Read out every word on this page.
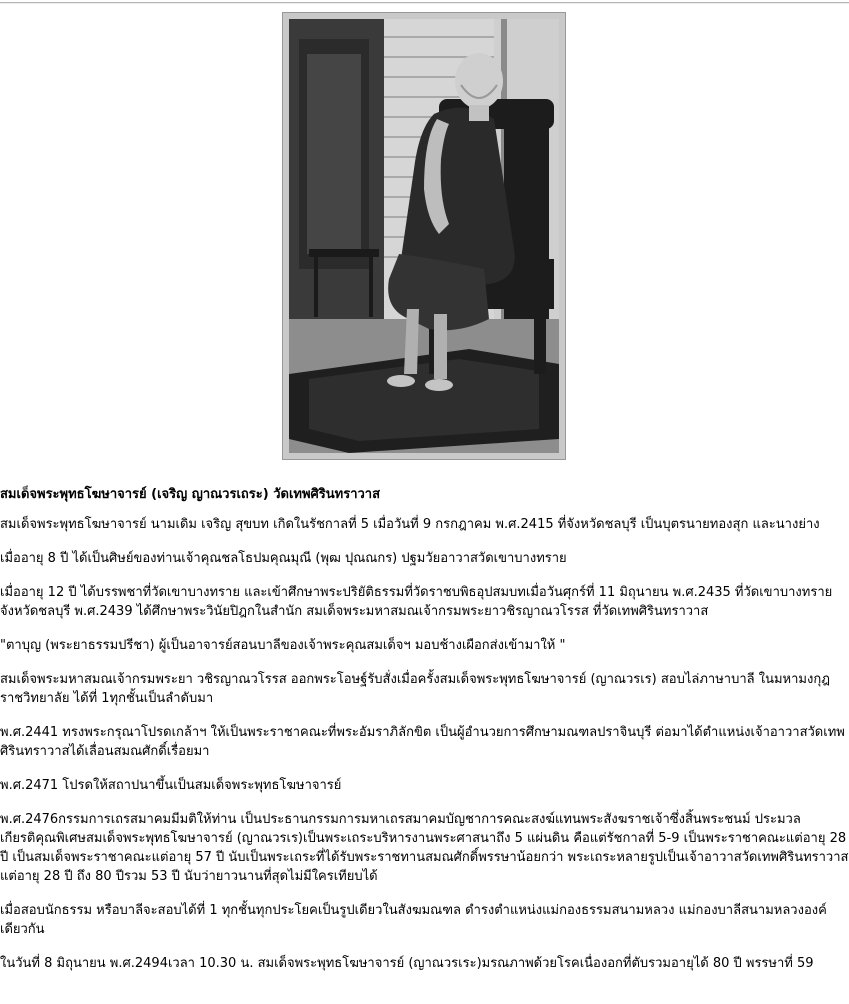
สมเด็จพระพุทธโฆษาจารย์ (เจริญ ญาณวรเถระ) วัดเทพศิรินทราวาส

สมเด็จพระพุทธโฆษาจารย์ นามเดิม เจริญ สุขบท เกิดในรัชกาลที่ 5 เมื่อวันที่ 9 กรกฎาคม พ.ศ.2415 ที่จังหวัดชลบุรี เป็นบุตรนายทองสุก และนางย่าง

เมื่ออายุ 8 ปี ได้เป็นศิษย์ของท่านเจ้าคุณชลโธปมคุณมุณี (พุฒ ปุณณกร) ปฐมวัยอาวาสวัดเขาบางทราย

เมื่ออายุ 12 ปี ได้บรรพชาที่วัดเขาบางทราย และเข้าศึกษาพระปริยัติธรรมที่วัดราชบพิธอุปสมบทเมื่อวันศุกร์ที่ 11 มิถุนายน พ.ศ.2435 ที่วัดเขาบางทราย จังหวัดชลบุรี พ.ศ.2439 ได้ศึกษาพระวินัยปิฎกในสำนัก สมเด็จพระมหาสมณเจ้ากรมพระยาวชิรญาณวโรรส ที่วัดเทพศิรินทราวาส

"ตาบุญ (พระยาธรรมปรีชา) ผู้เป็นอาจารย์สอนบาลีของเจ้าพระคุณสมเด็จฯ มอบช้างเผือกส่งเข้ามาให้ "

สมเด็จพระมหาสมณเจ้ากรมพระยา วชิรญาณวโรรส ออกพระโอษฐ์รับสั่งเมื่อครั้งสมเด็จพระพุทธโฆษาจารย์ (ญาณวรเร) สอบไล่ภาษาบาลี ในมหามงกุฎราชวิทยาลัย ได้ที่ 1ทุกชั้นเป็นลำดับมา

พ.ศ.2441 ทรงพระกรุณาโปรดเกล้าฯ ให้เป็นพระราชาคณะที่พระอัมราภิลักขิต เป็นผู้อำนวยการศึกษามณฑลปราจินบุรี ต่อมาได้ตำแหน่งเจ้าอาวาสวัดเทพศิรินทราวาสได้เลื่อนสมณศักดิ์เรื่อยมา

พ.ศ.2471 โปรดให้สถาปนาขึ้นเป็นสมเด็จพระพุทธโฆษาจารย์

พ.ศ.2476กรรมการเถรสมาคมมีมติให้ท่าน เป็นประธานกรรมการมหาเถรสมาคมบัญชาการคณะสงฆ์แทนพระสังฆราชเจ้าซึ่งสิ้นพระชนม์ ประมวลเกียรติคุณพิเศษสมเด็จพระพุทธโฆษาจารย์ (ญาณวรเร)เป็นพระเถระบริหารงานพระศาสนาถึง 5 แผ่นดิน คือแต่รัชกาลที่ 5-9 เป็นพระราชาคณะแต่อายุ 28 ปี เป็นสมเด็จพระราชาคณะแต่อายุ 57 ปี นับเป็นพระเถระที่ได้รับพระราชทานสมณศักดิ์พรรษาน้อยกว่า พระเถระหลายรูปเป็นเจ้าอาวาสวัดเทพศิรินทราวาส แต่อายุ 28 ปี ถึง 80 ปีรวม 53 ปี นับว่ายาวนานที่สุดไม่มีใครเทียบได้

เมื่อสอบนักธรรม หรือบาลีจะสอบได้ที่ 1 ทุกชั้นทุกประโยคเป็นรูปเดียวในสังฆมณฑล ดำรงตำแหน่งแม่กองธรรมสนามหลวง แม่กองบาลีสนามหลวงองค์เดียวกัน

ในวันที่ 8 มิถุนายน พ.ศ.2494เวลา 10.30 น. สมเด็จพระพุทธโฆษาจารย์ (ญาณวรเระ)มรณภาพด้วยโรคเนื่องอกที่ตับรวมอายุได้ 80 ปี พรรษาที่ 59
